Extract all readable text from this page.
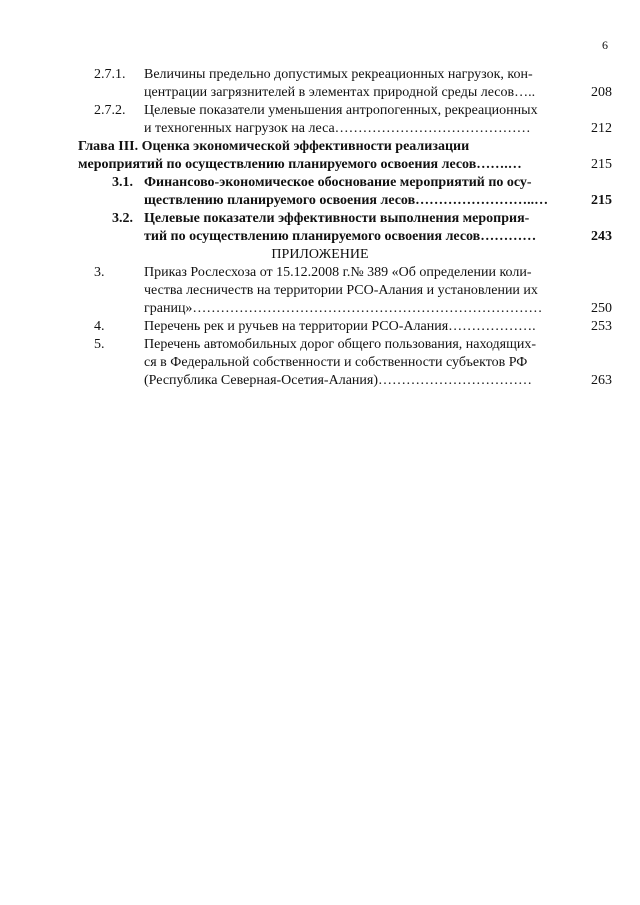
6
2.7.1. Величины предельно допустимых рекреационных нагрузок, кон-
центрации загрязнителей в элементах природной среды лесов…..	208
2.7.2. Целевые показатели уменьшения антропогенных, рекреационных
и техногенных нагрузок на леса……………………………………	212
Глава III. Оценка экономической эффективности реализации
мероприятий по осуществлению планируемого освоения лесов…….…	215
3.1. Финансово-экономическое обоснование мероприятий по осу-
ществлению планируемого освоения лесов……………………..…	215
3.2. Целевые показатели эффективности выполнения мероприя-
тий по осуществлению планируемого освоения лесов…………	243
ПРИЛОЖЕНИЕ
3.	Приказ Рослесхоза от 15.12.2008 г.№ 389 «Об определении коли-
чества лесничеств на территории РСО-Алания и установлении их
границ»…………………………………………………………………	250
4.	Перечень рек и ручьев на территории РСО-Алания……………….	253
5.	Перечень автомобильных дорог общего пользования, находящих-
ся в Федеральной собственности и собственности субъектов РФ
(Республика Северная-Осетия-Алания)……………………………	263
